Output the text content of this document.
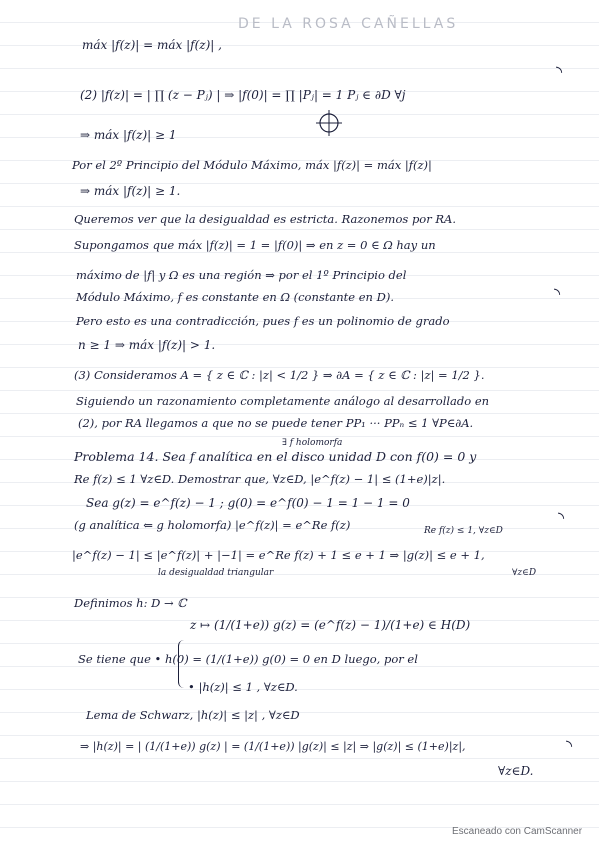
DE LA ROSA CAÑELLAS
máx |f(z)| = máx |f(z)| ,
(2) |f(z)| = | ∏ (z − Pⱼ) | ⇒ |f(0)| = ∏ |Pⱼ| = 1 Pⱼ ∈ ∂D ∀j
⇒ máx |f(z)| ≥ 1
Por el 2º Principio del Módulo Máximo, máx |f(z)| = máx |f(z)|
⇒ máx |f(z)| ≥ 1.
Queremos ver que la desigualdad es estricta. Razonemos por RA.
Supongamos que máx |f(z)| = 1 = |f(0)| ⇒ en z = 0 ∈ Ω hay un
máximo de |f| y Ω es una región ⇒ por el 1º Principio del
Módulo Máximo, f es constante en Ω (constante en D).
Pero esto es una contradicción, pues f es un polinomio de grado
n ≥ 1 ⇒ máx |f(z)| > 1.
(3) Consideramos A = { z ∈ ℂ : |z| < 1/2 } ⇒ ∂A = { z ∈ ℂ : |z| = 1/2 }.
Siguiendo un razonamiento completamente análogo al desarrollado en
(2), por RA llegamos a que no se puede tener PP₁ ··· PPₙ ≤ 1 ∀P∈∂A.
∃ f holomorfa
Problema 14. Sea f analítica en el disco unidad D con f(0) = 0 y
Re f(z) ≤ 1 ∀z∈D. Demostrar que, ∀z∈D, |e^f(z) − 1| ≤ (1+e)|z|.
Sea g(z) = e^f(z) − 1 ; g(0) = e^f(0) − 1 = 1 − 1 = 0
(g analítica ⇐ g holomorfa) |e^f(z)| = e^Re f(z)	Re f(z) ≤ 1, ∀z∈D
|e^f(z) − 1| ≤ |e^f(z)| + |−1| = e^Re f(z) + 1 ≤ e + 1 ⇒ |g(z)| ≤ e + 1,
la desigualdad triangular	∀z∈D
Definimos h: D → ℂ
z ↦ (1/(1+e)) g(z) = (e^f(z) − 1)/(1+e) ∈ H(D)
Se tiene que • h(0) = (1/(1+e)) g(0) = 0 en D luego, por el
• |h(z)| ≤ 1 , ∀z∈D.
Lema de Schwarz, |h(z)| ≤ |z| , ∀z∈D
⇒ |h(z)| = | (1/(1+e)) g(z) | = (1/(1+e)) |g(z)| ≤ |z| ⇒ |g(z)| ≤ (1+e)|z|,
∀z∈D.
◝
◝
◝
◝
Escaneado con CamScanner
